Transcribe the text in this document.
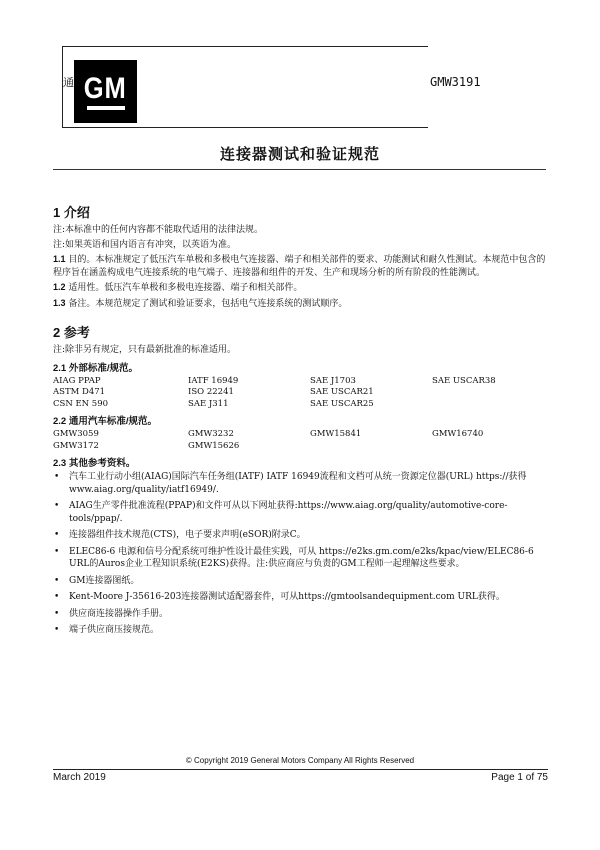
通 GM	GMW3191
连接器测试和验证规范
1 介绍

注:本标准中的任何内容都不能取代适用的法律法规。

注:如果英语和国内语言有冲突，以英语为准。

1.1 目的。本标准规定了低压汽车单极和多极电气连接器、端子和相关部件的要求、功能测试和耐久性测试。本规范中包含的程序旨在涵盖构成电气连接系统的电气端子、连接器和组件的开发、生产和现场分析的所有阶段的性能测试。

1.2 适用性。低压汽车单极和多极电连接器、端子和相关部件。

1.3 备注。本规范规定了测试和验证要求，包括电气连接系统的测试顺序。

2 参考

注:除非另有规定，只有最新批准的标准适用。

2.1 外部标准/规范。
AIAG PPAP	IATF 16949	SAE J1703	SAE USCAR38
ASTM D471	ISO 22241	SAE USCAR21
CSN EN 590	SAE J311	SAE USCAR25
2.2 通用汽车标准/规范。
GMW3059	GMW3232	GMW15841	GMW16740
GMW3172	GMW15626
2.3 其他参考资料。
• 汽车工业行动小组(AIAG)国际汽车任务组(IATF) IATF 16949流程和文档可从统一资源定位器(URL) https://获得www.aiag.org/quality/iatf16949/.
• AIAG生产零件批准流程(PPAP)和文件可从以下网址获得:https://www.aiag.org/quality/automotive-core-tools/ppap/.
• 连接器组件技术规范(CTS)，电子要求声明(eSOR)附录C。
• ELEC86-6 电源和信号分配系统可维护性设计最佳实践，可从 https://e2ks.gm.com/e2ks/kpac/view/ELEC86-6 URL的Auros企业工程知识系统(E2KS)获得。注:供应商应与负责的GM工程师一起理解这些要求。
• GM连接器图纸。
• Kent-Moore J-35616-203连接器测试适配器套件，可从https://gmtoolsandequipment.com URL获得。
• 供应商连接器操作手册。
• 端子供应商压接规范。
© Copyright 2019 General Motors Company All Rights Reserved
March 2019	Page 1 of 75
